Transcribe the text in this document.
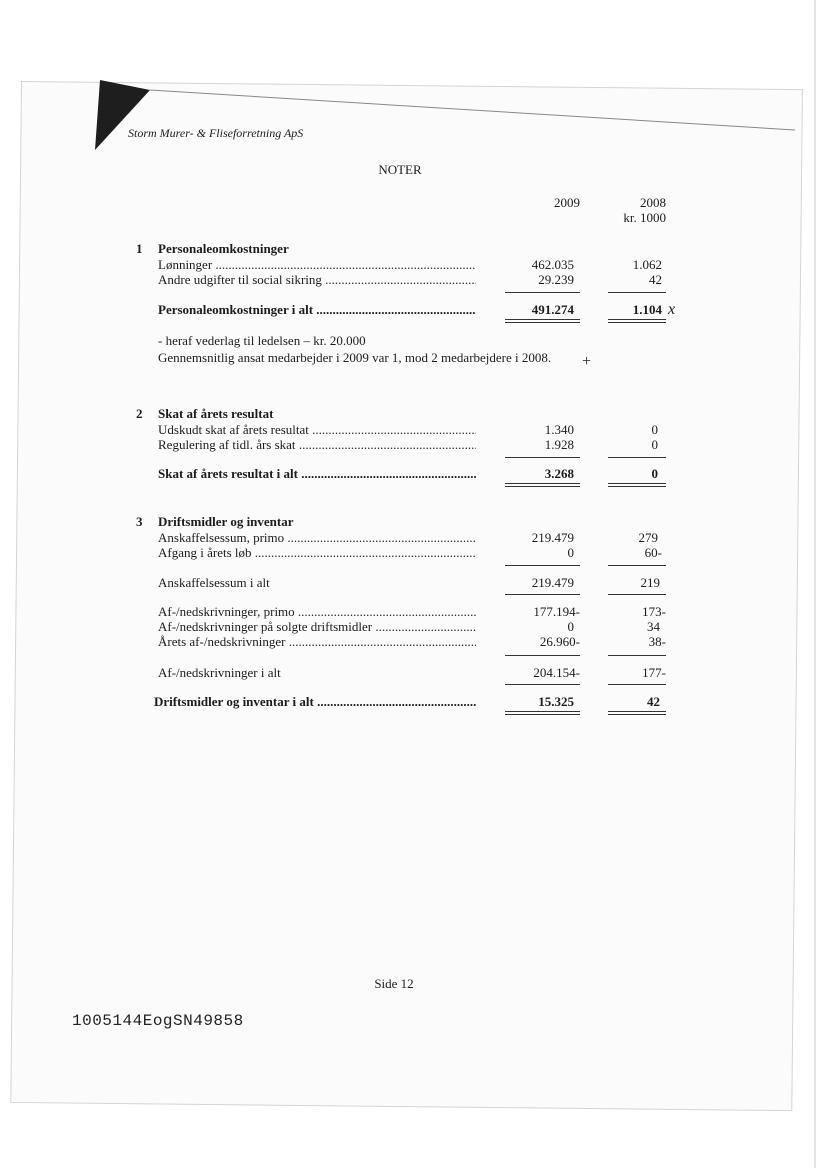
Storm Murer- & Fliseforretning ApS
NOTER
2009	2008
kr. 1000
1 Personaleomkostninger
Lønninger .....	462.035	1.062
Andre udgifter til social sikring .....	29.239	42
Personaleomkostninger i alt .....	491.274	1.104 x
- heraf vederlag til ledelsen – kr. 20.000
Gennemsnitlig ansat medarbejder i 2009 var 1, mod 2 medarbejdere i 2008. +
2 Skat af årets resultat
Udskudt skat af årets resultat .....	1.340	0
Regulering af tidl. års skat .....	1.928	0
Skat af årets resultat i alt .....	3.268	0
3 Driftsmidler og inventar
Anskaffelsessum, primo .....	219.479	279
Afgang i årets løb .....	0	60-
Anskaffelsessum i alt	219.479	219
Af-/nedskrivninger, primo .....	177.194-	173-
Af-/nedskrivninger på solgte driftsmidler .....	0	34
Årets af-/nedskrivninger .....	26.960-	38-
Af-/nedskrivninger i alt	204.154-	177-
Driftsmidler og inventar i alt .....	15.325	42
Side 12
1005144EogSN49858
